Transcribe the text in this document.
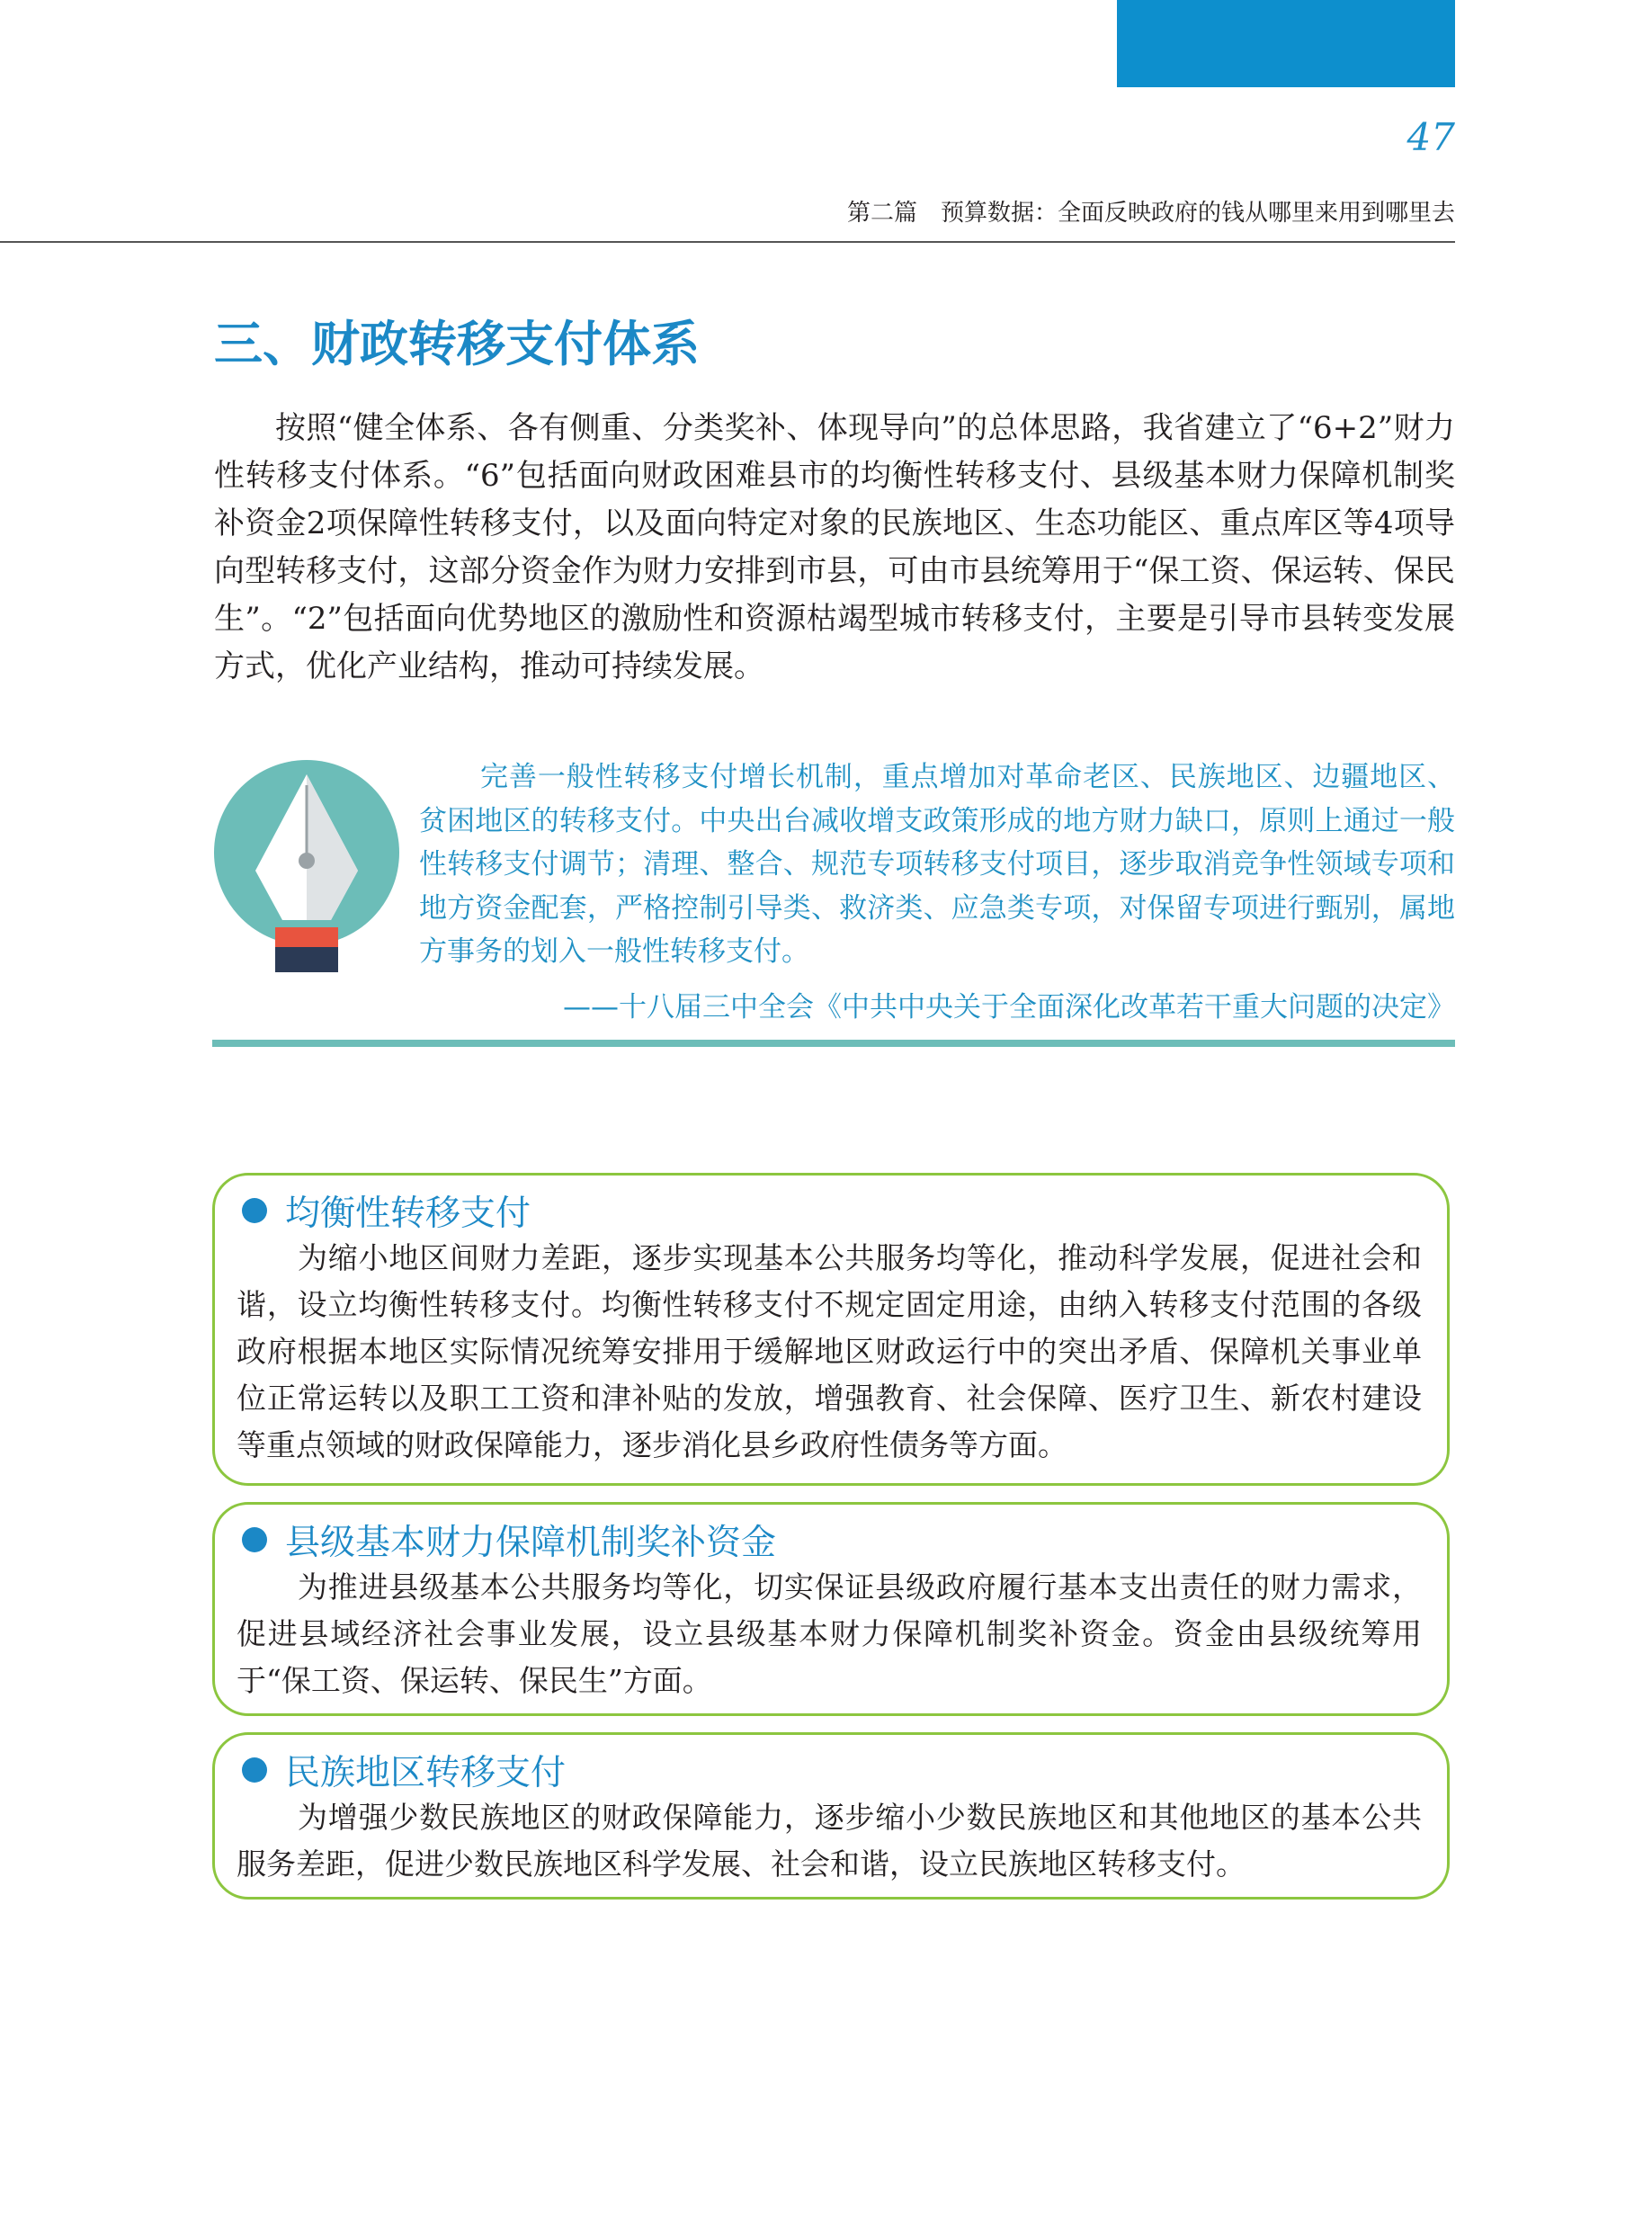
47
第二篇　预算数据：全面反映政府的钱从哪里来用到哪里去
三、财政转移支付体系

按照“健全体系、各有侧重、分类奖补、体现导向”的总体思路，我省建立了“6+2”财力性转移支付体系。“6”包括面向财政困难县市的均衡性转移支付、县级基本财力保障机制奖补资金2项保障性转移支付，以及面向特定对象的民族地区、生态功能区、重点库区等4项导向型转移支付，这部分资金作为财力安排到市县，可由市县统筹用于“保工资、保运转、保民生”。“2”包括面向优势地区的激励性和资源枯竭型城市转移支付，主要是引导市县转变发展方式，优化产业结构，推动可持续发展。

完善一般性转移支付增长机制，重点增加对革命老区、民族地区、边疆地区、贫困地区的转移支付。中央出台减收增支政策形成的地方财力缺口，原则上通过一般性转移支付调节；清理、整合、规范专项转移支付项目，逐步取消竞争性领域专项和地方资金配套，严格控制引导类、救济类、应急类专项，对保留专项进行甄别，属地方事务的划入一般性转移支付。

——十八届三中全会《中共中央关于全面深化改革若干重大问题的决定》
均衡性转移支付

为缩小地区间财力差距，逐步实现基本公共服务均等化，推动科学发展，促进社会和谐，设立均衡性转移支付。均衡性转移支付不规定固定用途，由纳入转移支付范围的各级政府根据本地区实际情况统筹安排用于缓解地区财政运行中的突出矛盾、保障机关事业单位正常运转以及职工工资和津补贴的发放，增强教育、社会保障、医疗卫生、新农村建设等重点领域的财政保障能力，逐步消化县乡政府性债务等方面。

县级基本财力保障机制奖补资金

为推进县级基本公共服务均等化，切实保证县级政府履行基本支出责任的财力需求，促进县域经济社会事业发展，设立县级基本财力保障机制奖补资金。资金由县级统筹用于“保工资、保运转、保民生”方面。

民族地区转移支付

为增强少数民族地区的财政保障能力，逐步缩小少数民族地区和其他地区的基本公共服务差距，促进少数民族地区科学发展、社会和谐，设立民族地区转移支付。
